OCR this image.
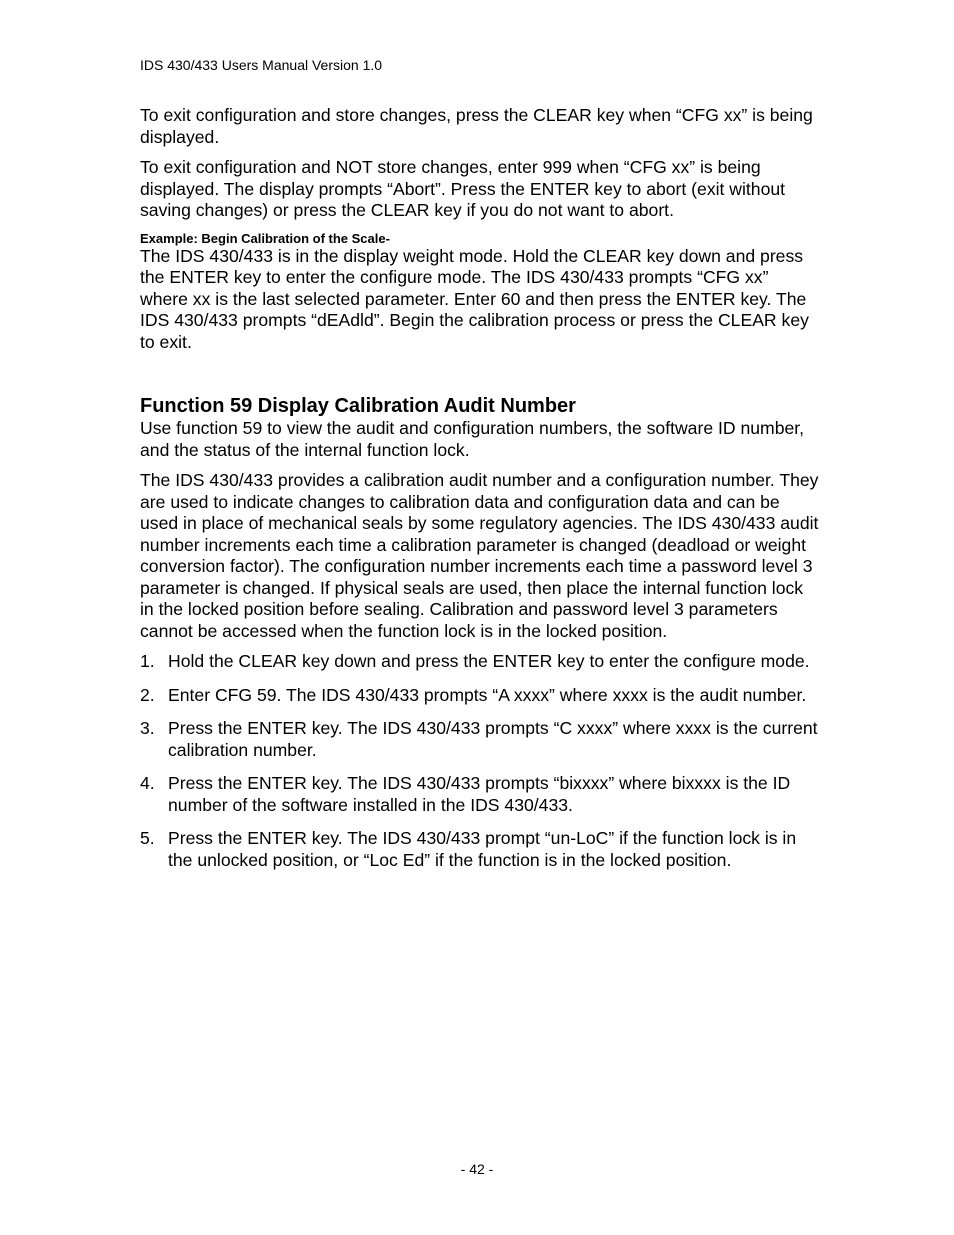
IDS 430/433 Users Manual Version 1.0

To exit configuration and store changes, press the CLEAR key when “CFG xx” is being displayed.

To exit configuration and NOT store changes, enter 999 when “CFG xx” is being displayed. The display prompts “Abort”. Press the ENTER key to abort (exit without saving changes) or press the CLEAR key if you do not want to abort.

Example: Begin Calibration of the Scale-

The IDS 430/433 is in the display weight mode. Hold the CLEAR key down and press the ENTER key to enter the configure mode. The IDS 430/433 prompts “CFG xx” where xx is the last selected parameter. Enter 60 and then press the ENTER key. The IDS 430/433 prompts “dEAdld”. Begin the calibration process or press the CLEAR key to exit.

Function 59 Display Calibration Audit Number

Use function 59 to view the audit and configuration numbers, the software ID number, and the status of the internal function lock.

The IDS 430/433 provides a calibration audit number and a configuration number. They are used to indicate changes to calibration data and configuration data and can be used in place of mechanical seals by some regulatory agencies. The IDS 430/433 audit number increments each time a calibration parameter is changed (deadload or weight conversion factor). The configuration number increments each time a password level 3 parameter is changed. If physical seals are used, then place the internal function lock in the locked position before sealing. Calibration and password level 3 parameters cannot be accessed when the function lock is in the locked position.

1. Hold the CLEAR key down and press the ENTER key to enter the configure mode.
2. Enter CFG 59. The IDS 430/433 prompts “A xxxx” where xxxx is the audit number.
3. Press the ENTER key. The IDS 430/433 prompts “C xxxx” where xxxx is the current calibration number.
4. Press the ENTER key. The IDS 430/433 prompts “bixxxx” where bixxxx is the ID number of the software installed in the IDS 430/433.
5. Press the ENTER key. The IDS 430/433 prompt “un-LoC” if the function lock is in the unlocked position, or “Loc Ed” if the function is in the locked position.
- 42 -
